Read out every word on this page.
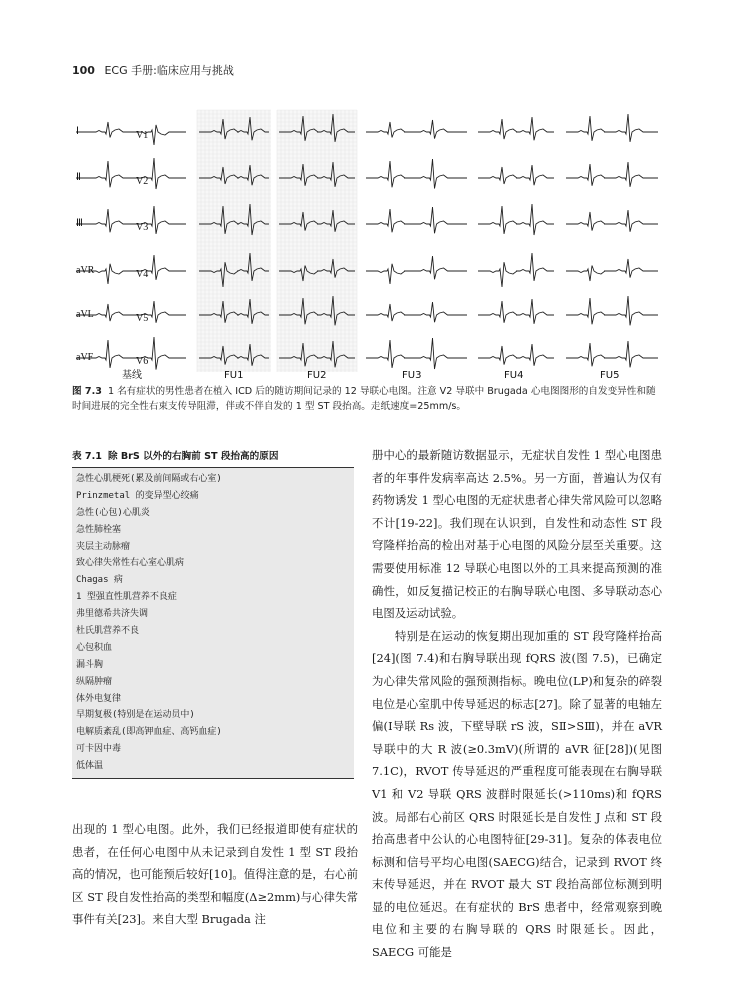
100 ECG 手册:临床应用与挑战
Ⅰ
Ⅱ
Ⅲ
aVR
aVL
aVF
V1
V2
V3
V4
V5
V6
基线	FU1	FU2	FU3	FU4	FU5
图 7.3 1 名有症状的男性患者在植入 ICD 后的随访期间记录的 12 导联心电图。注意 V2 导联中 Brugada 心电图图形的自发变异性和随时间进展的完全性右束支传导阻滞，伴或不伴自发的 1 型 ST 段抬高。走纸速度=25mm/s。
表 7.1 除 BrS 以外的右胸前 ST 段抬高的原因
急性心肌梗死(累及前间隔或右心室)
Prinzmetal 的变异型心绞痛
急性(心包)心肌炎
急性肺栓塞
夹层主动脉瘤
致心律失常性右心室心肌病
Chagas 病
1 型强直性肌营养不良症
弗里德希共济失调
杜氏肌营养不良
心包积血
漏斗胸
纵隔肿瘤
体外电复律
早期复极(特别是在运动员中)
电解质紊乱(即高钾血症、高钙血症)
可卡因中毒
低体温

出现的 1 型心电图。此外，我们已经报道即使有症状的患者，在任何心电图中从未记录到自发性 1 型 ST 段抬高的情况，也可能预后较好[10]。值得注意的是，右心前区 ST 段自发性抬高的类型和幅度(Δ≥2mm)与心律失常事件有关[23]。来自大型 Brugada 注

册中心的最新随访数据显示，无症状自发性 1 型心电图患者的年事件发病率高达 2.5%。另一方面，普遍认为仅有药物诱发 1 型心电图的无症状患者心律失常风险可以忽略不计[19-22]。我们现在认识到，自发性和动态性 ST 段穹隆样抬高的检出对基于心电图的风险分层至关重要。这需要使用标准 12 导联心电图以外的工具来提高预测的准确性，如反复描记校正的右胸导联心电图、多导联动态心电图及运动试验。

特别是在运动的恢复期出现加重的 ST 段穹隆样抬高[24](图 7.4)和右胸导联出现 fQRS 波(图 7.5)，已确定为心律失常风险的强预测指标。晚电位(LP)和复杂的碎裂电位是心室肌中传导延迟的标志[27]。除了显著的电轴左偏(Ⅰ导联 Rs 波，下壁导联 rS 波，SⅡ>SⅢ)，并在 aVR 导联中的大 R 波(≥0.3mV)(所谓的 aVR 征[28])(见图 7.1C)，RVOT 传导延迟的严重程度可能表现在右胸导联 V1 和 V2 导联 QRS 波群时限延长(>110ms)和 fQRS 波。局部右心前区 QRS 时限延长是自发性 J 点和 ST 段抬高患者中公认的心电图特征[29-31]。复杂的体表电位标测和信号平均心电图(SAECG)结合，记录到 RVOT 终末传导延迟，并在 RVOT 最大 ST 段抬高部位标测到明显的电位延迟。在有症状的 BrS 患者中，经常观察到晚电位和主要的右胸导联的 QRS 时限延长。因此，SAECG 可能是
